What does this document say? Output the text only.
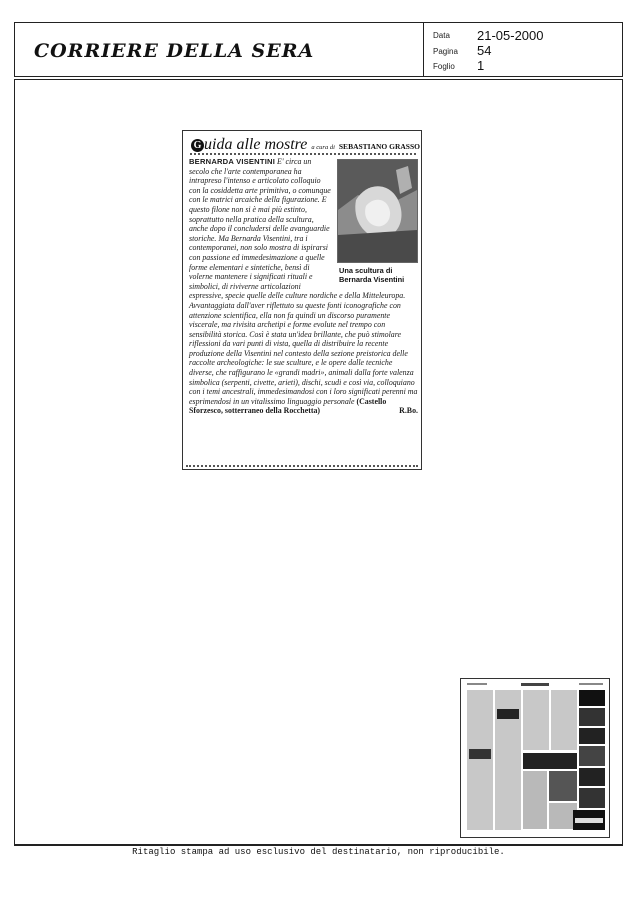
CORRIERE DELLA SERA
Data 21-05-2000
Pagina 54
Foglio 1
G uida alle mostre a cura di SEBASTIANO GRASSO
Una scultura di Bernarda Visentini
BERNARDA VISENTINI E' circa un secolo che l'arte contemporanea ha intrapreso l'intenso e articolato colloquio con la cosiddetta arte primitiva, o comunque con le matrici arcaiche della figurazione. E questo filone non si è mai più estinto, soprattutto nella pratica della scultura, anche dopo il concludersi delle avanguardie storiche. Ma Bernarda Visentini, tra i contemporanei, non solo mostra di ispirarsi con passione ed immedesimazione a quelle forme elementari e sintetiche, bensì di volerne mantenere i significati rituali e simbolici, di riviverne articolazioni espressive, specie quelle delle culture nordiche e della Mitteleuropa. Avvantaggiata dall'aver riflettuto su queste fonti iconografiche con attenzione scientifica, ella non fa quindi un discorso puramente viscerale, ma rivisita archetipi e forme evolute nel trempo con sensibilità storica. Così è stata un'idea brillante, che può stimolare riflessioni da vari punti di vista, quella di distribuire la recente produzione della Visentini nel contesto della sezione preistorica delle raccolte archeologiche: le sue sculture, e le opere dalle tecniche diverse, che raffigurano le «grandi madri», animali dalla forte valenza simbolica (serpenti, civette, arieti), dischi, scudi e così via, colloquiano con i temi ancestrali, immedesimandosi con i loro significati perenni ma esprimendosi in un vitalissimo linguaggio personale (Castello Sforzesco, sotterraneo della Rocchetta)	R.Bo.
Ritaglio stampa ad uso esclusivo del destinatario, non riproducibile.
